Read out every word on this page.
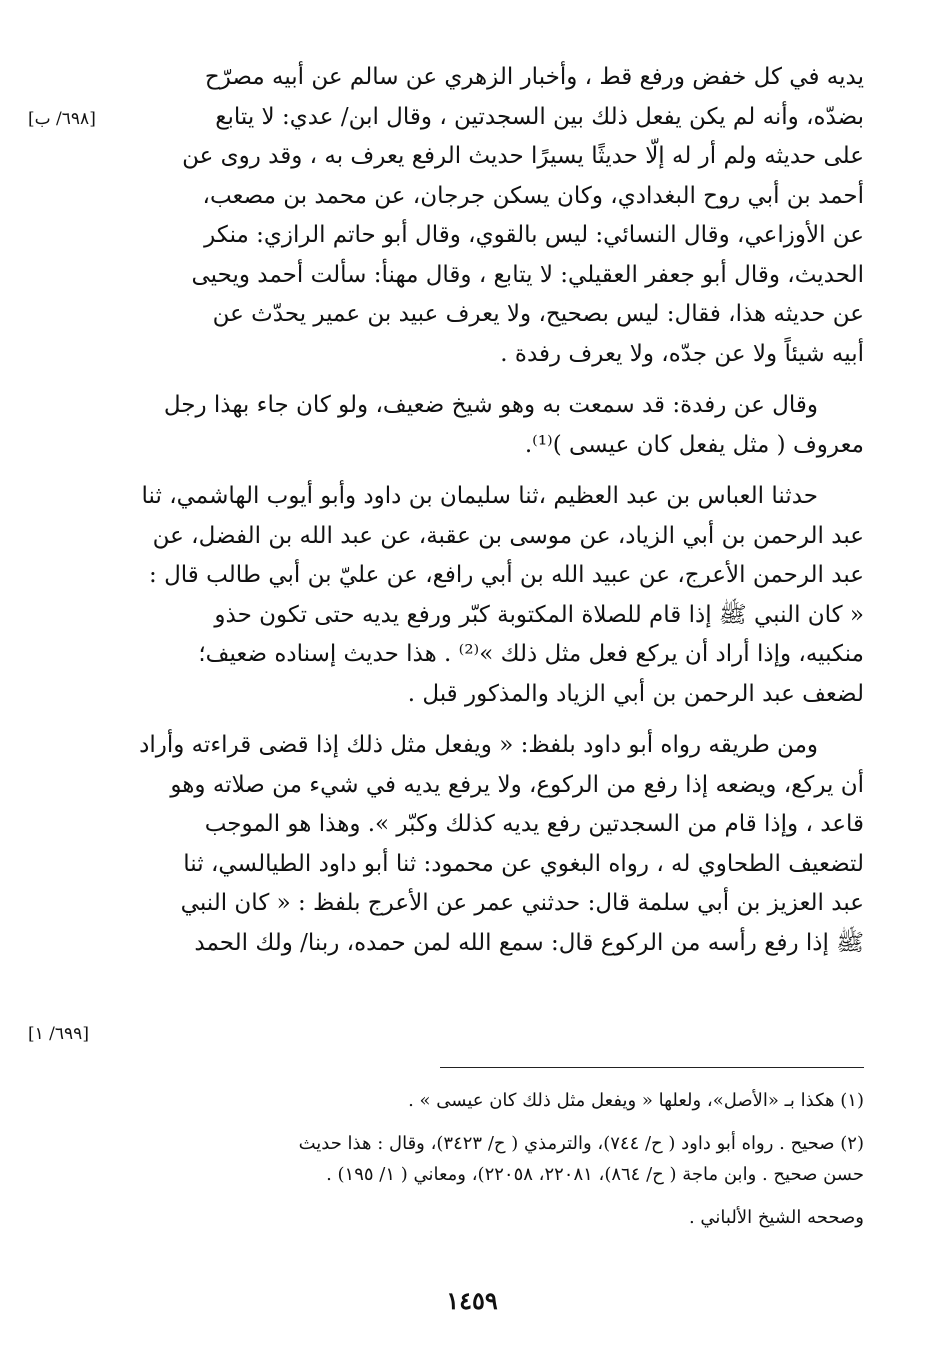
[٦٩٨/ ب]
[٦٩٩/ ١]
يديه في كل خفض ورفع قط ، وأخبار الزهري عن سالم عن أبيه مصرّح
بضدّه، وأنه لم يكن يفعل ذلك بين السجدتين ، وقال ابن/ عدي: لا يتابع
على حديثه ولم أر له إلّا حديثًا يسيرًا حديث الرفع يعرف به ، وقد روى عن
أحمد بن أبي روح البغدادي، وكان يسكن جرجان، عن محمد بن مصعب،
عن الأوزاعي، وقال النسائي: ليس بالقوي، وقال أبو حاتم الرازي: منكر
الحديث، وقال أبو جعفر العقيلي: لا يتابع ، وقال مهنأ: سألت أحمد ويحيى
عن حديثه هذا، فقال: ليس بصحيح، ولا يعرف عبيد بن عمير يحدّث عن
أبيه شيئاً ولا عن جدّه، ولا يعرف رفدة .
وقال عن رفدة: قد سمعت به وهو شيخ ضعيف، ولو كان جاء بهذا رجل
معروف ( مثل يفعل كان عيسى )⁽¹⁾.
حدثنا العباس بن عبد العظيم ،ثنا سليمان بن داود وأبو أيوب الهاشمي، ثنا
عبد الرحمن بن أبي الزياد، عن موسى بن عقبة، عن عبد الله بن الفضل، عن
عبد الرحمن الأعرج، عن عبيد الله بن أبي رافع، عن عليّ بن أبي طالب قال :
« كان النبي ﷺ إذا قام للصلاة المكتوبة كبّر ورفع يديه حتى تكون حذو
منكبيه، وإذا أراد أن يركع فعل مثل ذلك »⁽²⁾ . هذا حديث إسناده ضعيف؛
لضعف عبد الرحمن بن أبي الزياد والمذكور قبل .
ومن طريقه رواه أبو داود بلفظ: « ويفعل مثل ذلك إذا قضى قراءته وأراد
أن يركع، ويضعه إذا رفع من الركوع، ولا يرفع يديه في شيء من صلاته وهو
قاعد ، وإذا قام من السجدتين رفع يديه كذلك وكبّر ». وهذا هو الموجب
لتضعيف الطحاوي له ، رواه البغوي عن محمود: ثنا أبو داود الطيالسي، ثنا
عبد العزيز بن أبي سلمة قال: حدثني عمر عن الأعرج بلفظ : « كان النبي
ﷺ إذا رفع رأسه من الركوع قال: سمع الله لمن حمده، ربنا/ ولك الحمد
(١) هكذا بـ «الأصل»، ولعلها « ويفعل مثل ذلك كان عيسى » .
(٢) صحيح . رواه أبو داود ( ح/ ٧٤٤)، والترمذي ( ح/ ٣٤٢٣)، وقال : هذا حديث
حسن صحيح . وابن ماجة ( ح/ ٨٦٤)، ٢٢٠٨١، ٢٢٠٥٨)، ومعاني ( ١/ ١٩٥) .
وصححه الشيخ الألباني .
١٤٥٩
